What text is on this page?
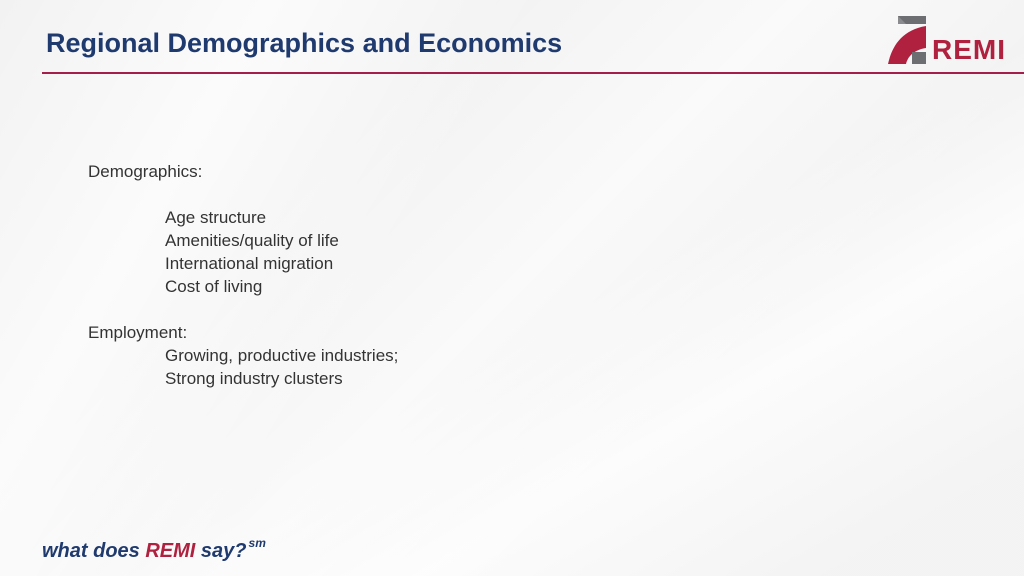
Regional Demographics and Economics	REMI

Demographics:

Age structure
Amenities/quality of life
International migration
Cost of living

Employment:

Growing, productive industries;
Strong industry clusters
what does REMI say? $^{sm}$
